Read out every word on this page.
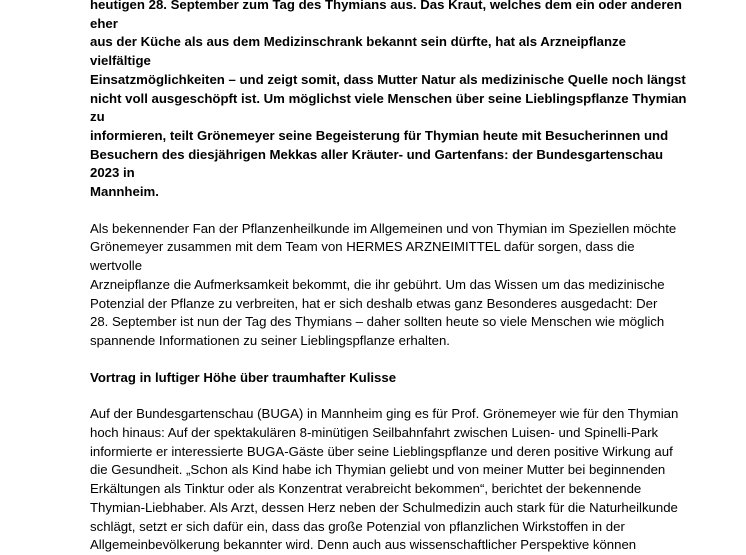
heutigen 28. September zum Tag des Thymians aus. Das Kraut, welches dem ein oder anderen eher
aus der Küche als aus dem Medizinschrank bekannt sein dürfte, hat als Arzneipflanze vielfältige
Einsatzmöglichkeiten – und zeigt somit, dass Mutter Natur als medizinische Quelle noch längst
nicht voll ausgeschöpft ist. Um möglichst viele Menschen über seine Lieblingspflanze Thymian zu
informieren, teilt Grönemeyer seine Begeisterung für Thymian heute mit Besucherinnen und
Besuchern des diesjährigen Mekkas aller Kräuter- und Gartenfans: der Bundesgartenschau 2023 in
Mannheim.

Als bekennender Fan der Pflanzenheilkunde im Allgemeinen und von Thymian im Speziellen möchte
Grönemeyer zusammen mit dem Team von HERMES ARZNEIMITTEL dafür sorgen, dass die wertvolle
Arzneipflanze die Aufmerksamkeit bekommt, die ihr gebührt. Um das Wissen um das medizinische
Potenzial der Pflanze zu verbreiten, hat er sich deshalb etwas ganz Besonderes ausgedacht: Der
28. September ist nun der Tag des Thymians – daher sollten heute so viele Menschen wie möglich
spannende Informationen zu seiner Lieblingspflanze erhalten.

Vortrag in luftiger Höhe über traumhafter Kulisse

Auf der Bundesgartenschau (BUGA) in Mannheim ging es für Prof. Grönemeyer wie für den Thymian
hoch hinaus: Auf der spektakulären 8-minütigen Seilbahnfahrt zwischen Luisen- und Spinelli-Park
informierte er interessierte BUGA-Gäste über seine Lieblingspflanze und deren positive Wirkung auf
die Gesundheit. „Schon als Kind habe ich Thymian geliebt und von meiner Mutter bei beginnenden
Erkältungen als Tinktur oder als Konzentrat verabreicht bekommen“, berichtet der bekennende
Thymian-Liebhaber. Als Arzt, dessen Herz neben der Schulmedizin auch stark für die Naturheilkunde
schlägt, setzt er sich dafür ein, dass das große Potenzial von pflanzlichen Wirkstoffen in der
Allgemeinbevölkerung bekannter wird. Denn auch aus wissenschaftlicher Perspektive können
